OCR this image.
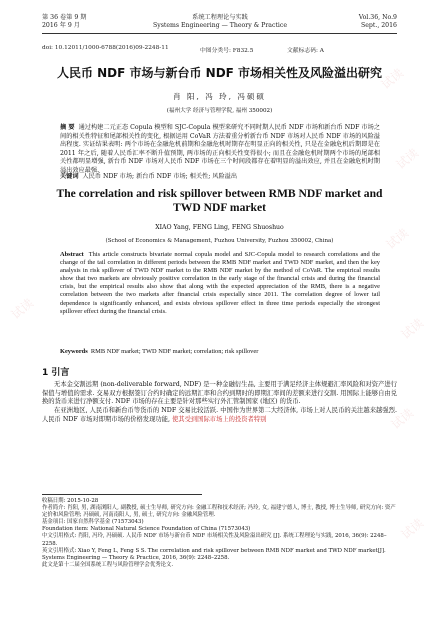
第 36 卷第 9 期
2016 年 9 月
系统工程理论与实践
Systems Engineering — Theory & Practice
Vol.36, No.9
Sept., 2016
doi: 10.12011/1000-6788(2016)09-2248-11	中图分类号: F832.5	文献标志码: A
人民币 NDF 市场与新台币 NDF 市场相关性及风险溢出研究
肖 阳, 冯 玲, 冯硕硕
(福州大学 经济与管理学院, 福州 350002)
摘 要 通过构建二元正态 Copula 模型和 SJC-Copula 模型来研究不同时期人民币 NDF 市场和新台币 NDF 市场之间的相关性特征和尾部相关性的变化, 根据运用 CoVaR 方法着重分析新台币 NDF 市场对人民币 NDF 市场的风险溢出程度. 实证结果表明: 两个市场在金融危机前期和金融危机时期存在明显正向的相关性, 只是在金融危机后期即是在 2011 年之后, 随着人民币汇率不断升值预期, 两市场的正向相关性变得很小; 而且在金融危机时期两个市场的尾部相关性都明显增强, 新台币 NDF 市场对人民币 NDF 市场在三个时间段都存在着明显的溢出效应, 并且在金融危机时期溢出效应最强.
关键词 人民币 NDF 市场; 新台币 NDF 市场; 相关性; 风险溢出
The correlation and risk spillover between RMB NDF market and TWD NDF market
XIAO Yang, FENG Ling, FENG Shuoshuo
(School of Economics & Management, Fuzhou University, Fuzhou 350002, China)
Abstract This article constructs bivariate normal copula model and SJC-Copula model to research correlations and the change of the tail correlation in different periods between the RMB NDF market and TWD NDF market, and then the key analysis in risk spillover of TWD NDF market to the RMB NDF market by the method of CoVaR. The empirical results show that two markets are obviously positive correlation in the early stage of the financial crisis and during the financial crisis, but the empirical results also show that along with the expected appreciation of the RMB, there is a negative correlation between the two markets after financial crisis especially since 2011. The correlation degree of lower tail dependence is significantly enhanced, and exists obvious spillover effect in three time periods especially the strongest spillover effect during the financial crisis.
Keywords RMB NDF market; TWD NDF market; correlation; risk spillover
1 引言

无本金交割远期 (non-deliverable forward, NDF) 是一种金融衍生品, 主要用于满足经济主体规避汇率风险和对资产进行保值与增值的需求. 交易双方根据签订合约时确定的远期汇率和合约到期时的即期汇率间的差额来进行交割. 用国际上能够自由兑换的货币来进行净额支付. NDF 市场的存在主要是针对那些实行外汇管制国家 (地区) 的货币.

在亚洲地区, 人民币和新台币等货币的 NDF 交易比较活跃. 中国作为世界第二大经济体, 市场上对人民币的关注越来越强烈. 人民币 NDF 市场对即期市场的价格发现功能, 使其受到国际市场上的投资者特别

收稿日期: 2015-10-28
作者简介: 肖阳, 男, 湖南浏阳人, 副教授, 硕士生导师, 研究方向: 金融工程和技术经济; 冯玲, 女, 福建宁德人, 博士, 教授, 博士生导师, 研究方向: 资产定价和风险管理; 冯硕硕, 河南南阳人, 男, 硕士, 研究方向: 金融风险管理.
基金项目: 国家自然科学基金 (71573043)
Foundation item: National Natural Science Foundation of China (71573043)
中文引用格式: 肖阳, 冯玲, 冯硕硕. 人民币 NDF 市场与新台币 NDF 市场相关性及风险溢出研究 [J]. 系统工程理论与实践, 2016, 36(9): 2248–2258.
英文引用格式: Xiao Y, Feng L, Feng S S. The correlation and risk spillover between RMB NDF market and TWD NDF market[J]. Systems Engineering — Theory & Practice, 2016, 36(9): 2248–2258.
此文是第十二届全国系统工程与风险管理学会优秀论文.
试读
试读
试读
试读
试读
试读
试读
